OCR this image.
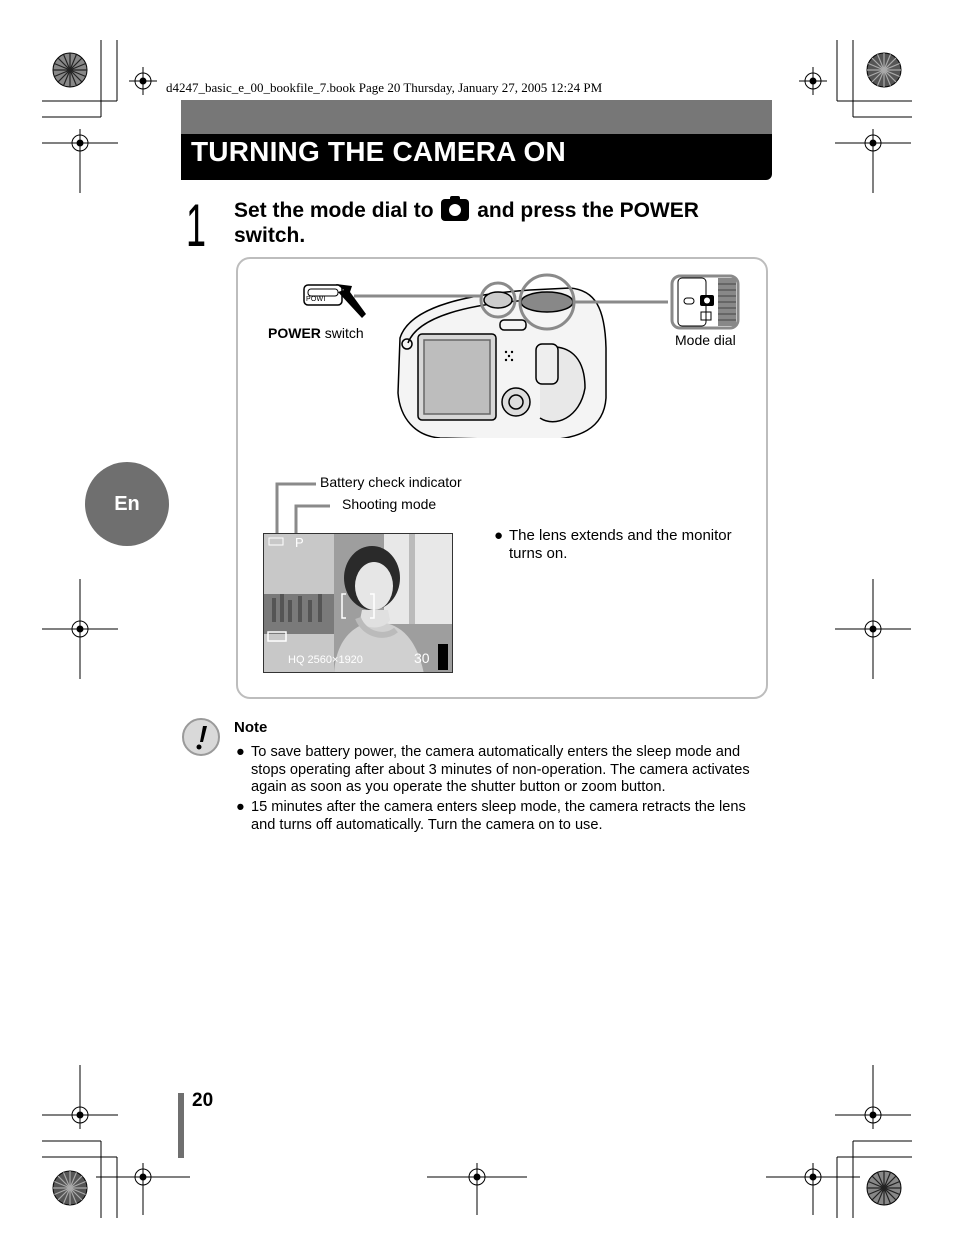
d4247_basic_e_00_bookfile_7.book Page 20 Thursday, January 27, 2005 12:24 PM
TURNING THE CAMERA ON
1 Set the mode dial to and press the POWER switch.
POWI
POWER switch	Mode dial
Battery check indicator
Shooting mode
P
HQ 2560×1920	30
● The lens extends and the monitor turns on.
En
Note
● To save battery power, the camera automatically enters the sleep mode and stops operating after about 3 minutes of non-operation. The camera activates again as soon as you operate the shutter button or zoom button.
● 15 minutes after the camera enters sleep mode, the camera retracts the lens and turns off automatically. Turn the camera on to use.
20
